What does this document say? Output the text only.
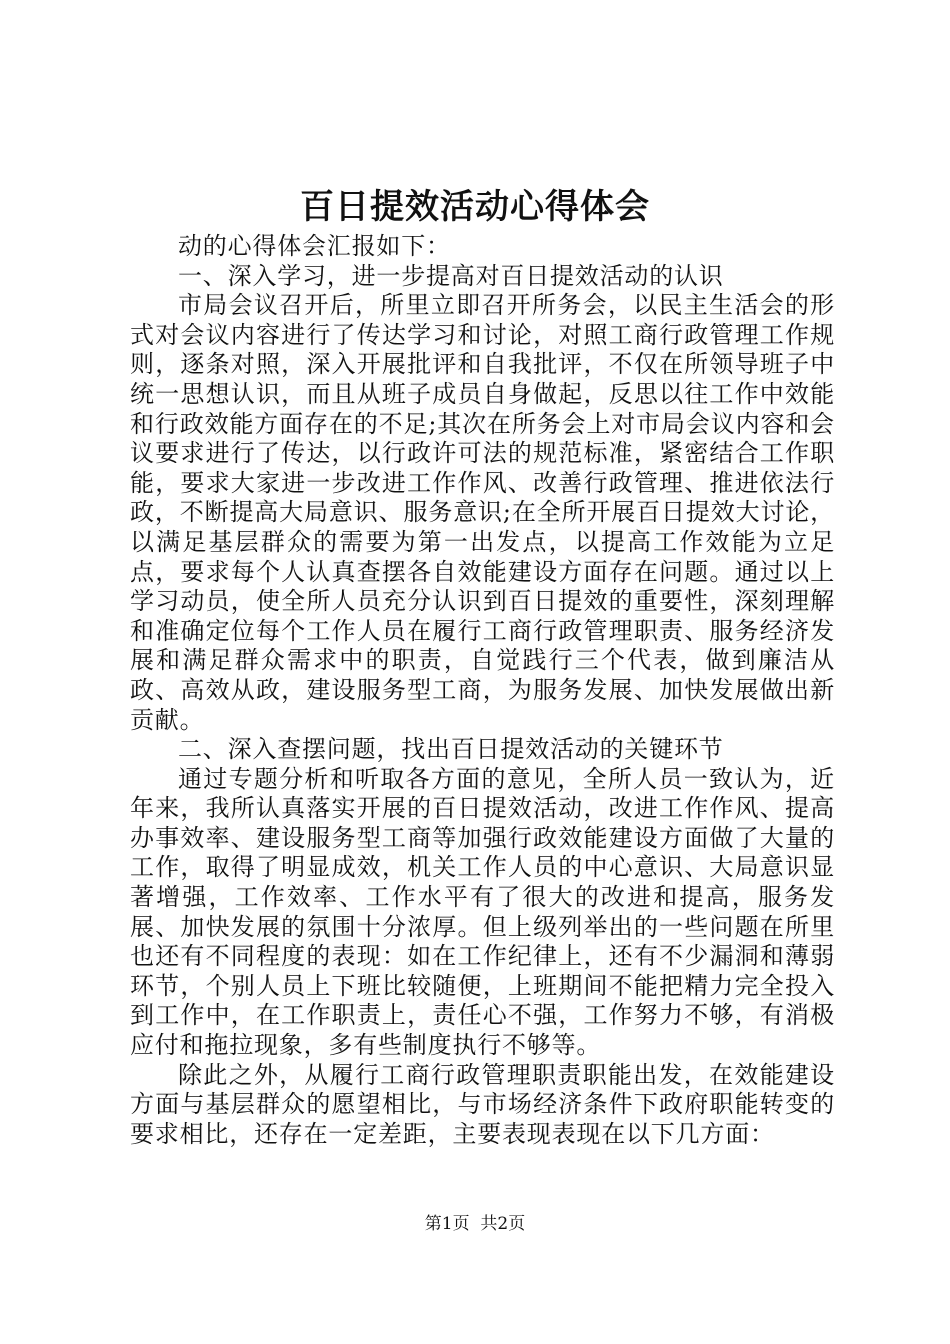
百日提效活动心得体会

动的心得体会汇报如下：

一、深入学习，进一步提高对百日提效活动的认识

市局会议召开后，所里立即召开所务会，以民主生活会的形式对会议内容进行了传达学习和讨论，对照工商行政管理工作规则，逐条对照，深入开展批评和自我批评，不仅在所领导班子中统一思想认识，而且从班子成员自身做起，反思以往工作中效能和行政效能方面存在的不足;其次在所务会上对市局会议内容和会议要求进行了传达，以行政许可法的规范标准，紧密结合工作职能，要求大家进一步改进工作作风、改善行政管理、推进依法行政，不断提高大局意识、服务意识;在全所开展百日提效大讨论，以满足基层群众的需要为第一出发点，以提高工作效能为立足点，要求每个人认真查摆各自效能建设方面存在问题。通过以上学习动员，使全所人员充分认识到百日提效的重要性，深刻理解和准确定位每个工作人员在履行工商行政管理职责、服务经济发展和满足群众需求中的职责，自觉践行三个代表，做到廉洁从政、高效从政，建设服务型工商，为服务发展、加快发展做出新贡献。

二、深入查摆问题，找出百日提效活动的关键环节

通过专题分析和听取各方面的意见，全所人员一致认为，近年来，我所认真落实开展的百日提效活动，改进工作作风、提高办事效率、建设服务型工商等加强行政效能建设方面做了大量的工作，取得了明显成效，机关工作人员的中心意识、大局意识显著增强，工作效率、工作水平有了很大的改进和提高，服务发展、加快发展的氛围十分浓厚。但上级列举出的一些问题在所里也还有不同程度的表现：如在工作纪律上，还有不少漏洞和薄弱环节，个别人员上下班比较随便，上班期间不能把精力完全投入到工作中，在工作职责上，责任心不强，工作努力不够，有消极应付和拖拉现象，多有些制度执行不够等。

除此之外，从履行工商行政管理职责职能出发，在效能建设方面与基层群众的愿望相比，与市场经济条件下政府职能转变的要求相比，还存在一定差距，主要表现表现在以下几方面：

第1页 共2页
